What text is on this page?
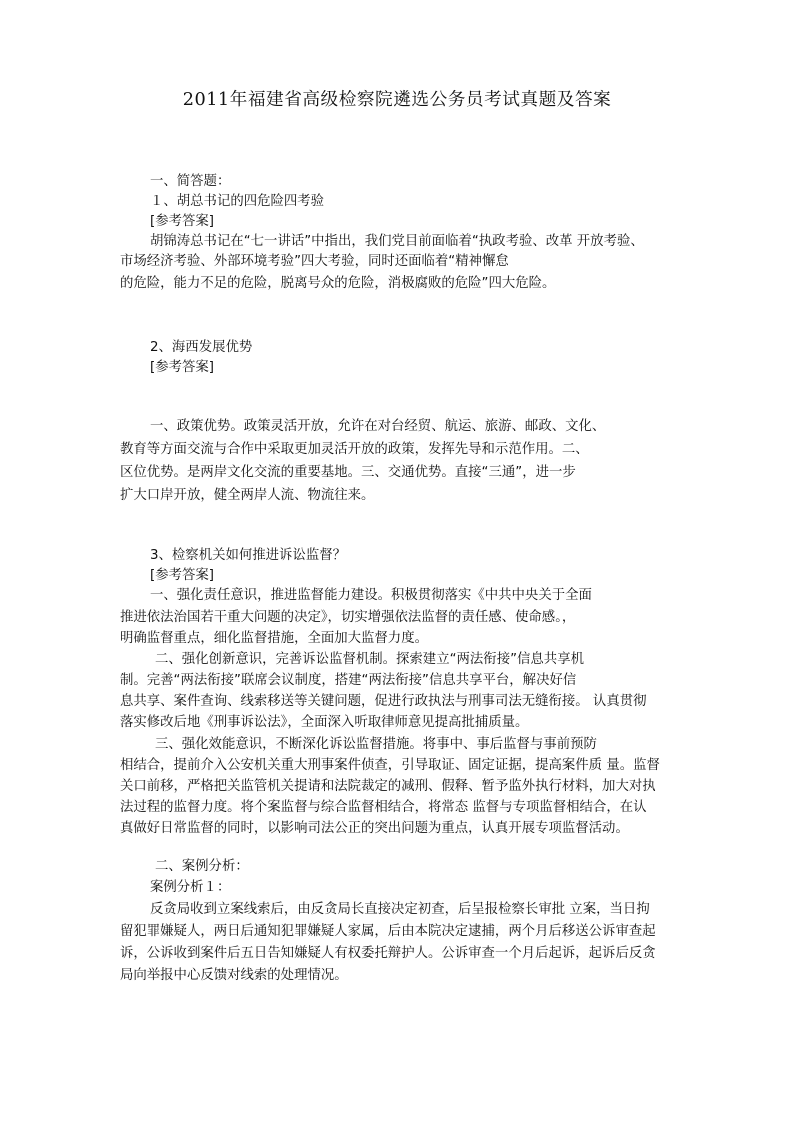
2011年福建省高级检察院遴选公务员考试真题及答案
一、简答题：
１、胡总书记的四危险四考验
[参考答案]
胡锦涛总书记在“七一讲话”中指出，我们党目前面临着“执政考验、改革 开放考验、
市场经济考验、外部环境考验”四大考验，同时还面临着“精神懈怠
的危险，能力不足的危险，脱离号众的危险，消极腐败的危险”四大危险。
2、海西发展优势
[参考答案]
一、政策优势。政策灵活开放，允许在对台经贸、航运、旅游、邮政、文化、
教育等方面交流与合作中采取更加灵活开放的政策，发挥先导和示范作用。二、
区位优势。是两岸文化交流的重要基地。三、交通优势。直接“三通”，进一步
扩大口岸开放，健全两岸人流、物流往来。
3、检察机关如何推进诉讼监督？
[参考答案]
一、强化责任意识，推进监督能力建设。积极贯彻落实《中共中央关于全面
推进依法治国若干重大问题的决定》，切实增强依法监督的责任感、使命感。，
明确监督重点，细化监督措施，全面加大监督力度。
二、强化创新意识，完善诉讼监督机制。探索建立“两法衔接”信息共享机
制。完善“两法衔接”联席会议制度，搭建“两法衔接”信息共享平台，解决好信
息共享、案件查询、线索移送等关键问题，促进行政执法与刑事司法无缝衔接。 认真贯彻
落实修改后地《刑事诉讼法》，全面深入听取律师意见提高批捕质量。
三、强化效能意识，不断深化诉讼监督措施。将事中、事后监督与事前预防
相结合，提前介入公安机关重大刑事案件侦查，引导取证、固定证据，提高案件质 量。监督
关口前移，严格把关监管机关提请和法院裁定的减刑、假释、暂予监外执行材料，加大对执
法过程的监督力度。将个案监督与综合监督相结合，将常态 监督与专项监督相结合，在认
真做好日常监督的同时，以影响司法公正的突出问题为重点，认真开展专项监督活动。
二、案例分析：
案例分析１：
反贪局收到立案线索后，由反贪局长直接决定初查，后呈报检察长审批 立案，当日拘
留犯罪嫌疑人，两日后通知犯罪嫌疑人家属，后由本院决定逮捕，两个月后移送公诉审查起
诉，公诉收到案件后五日告知嫌疑人有权委托辩护人。公诉审查一个月后起诉，起诉后反贪
局向举报中心反馈对线索的处理情况。
